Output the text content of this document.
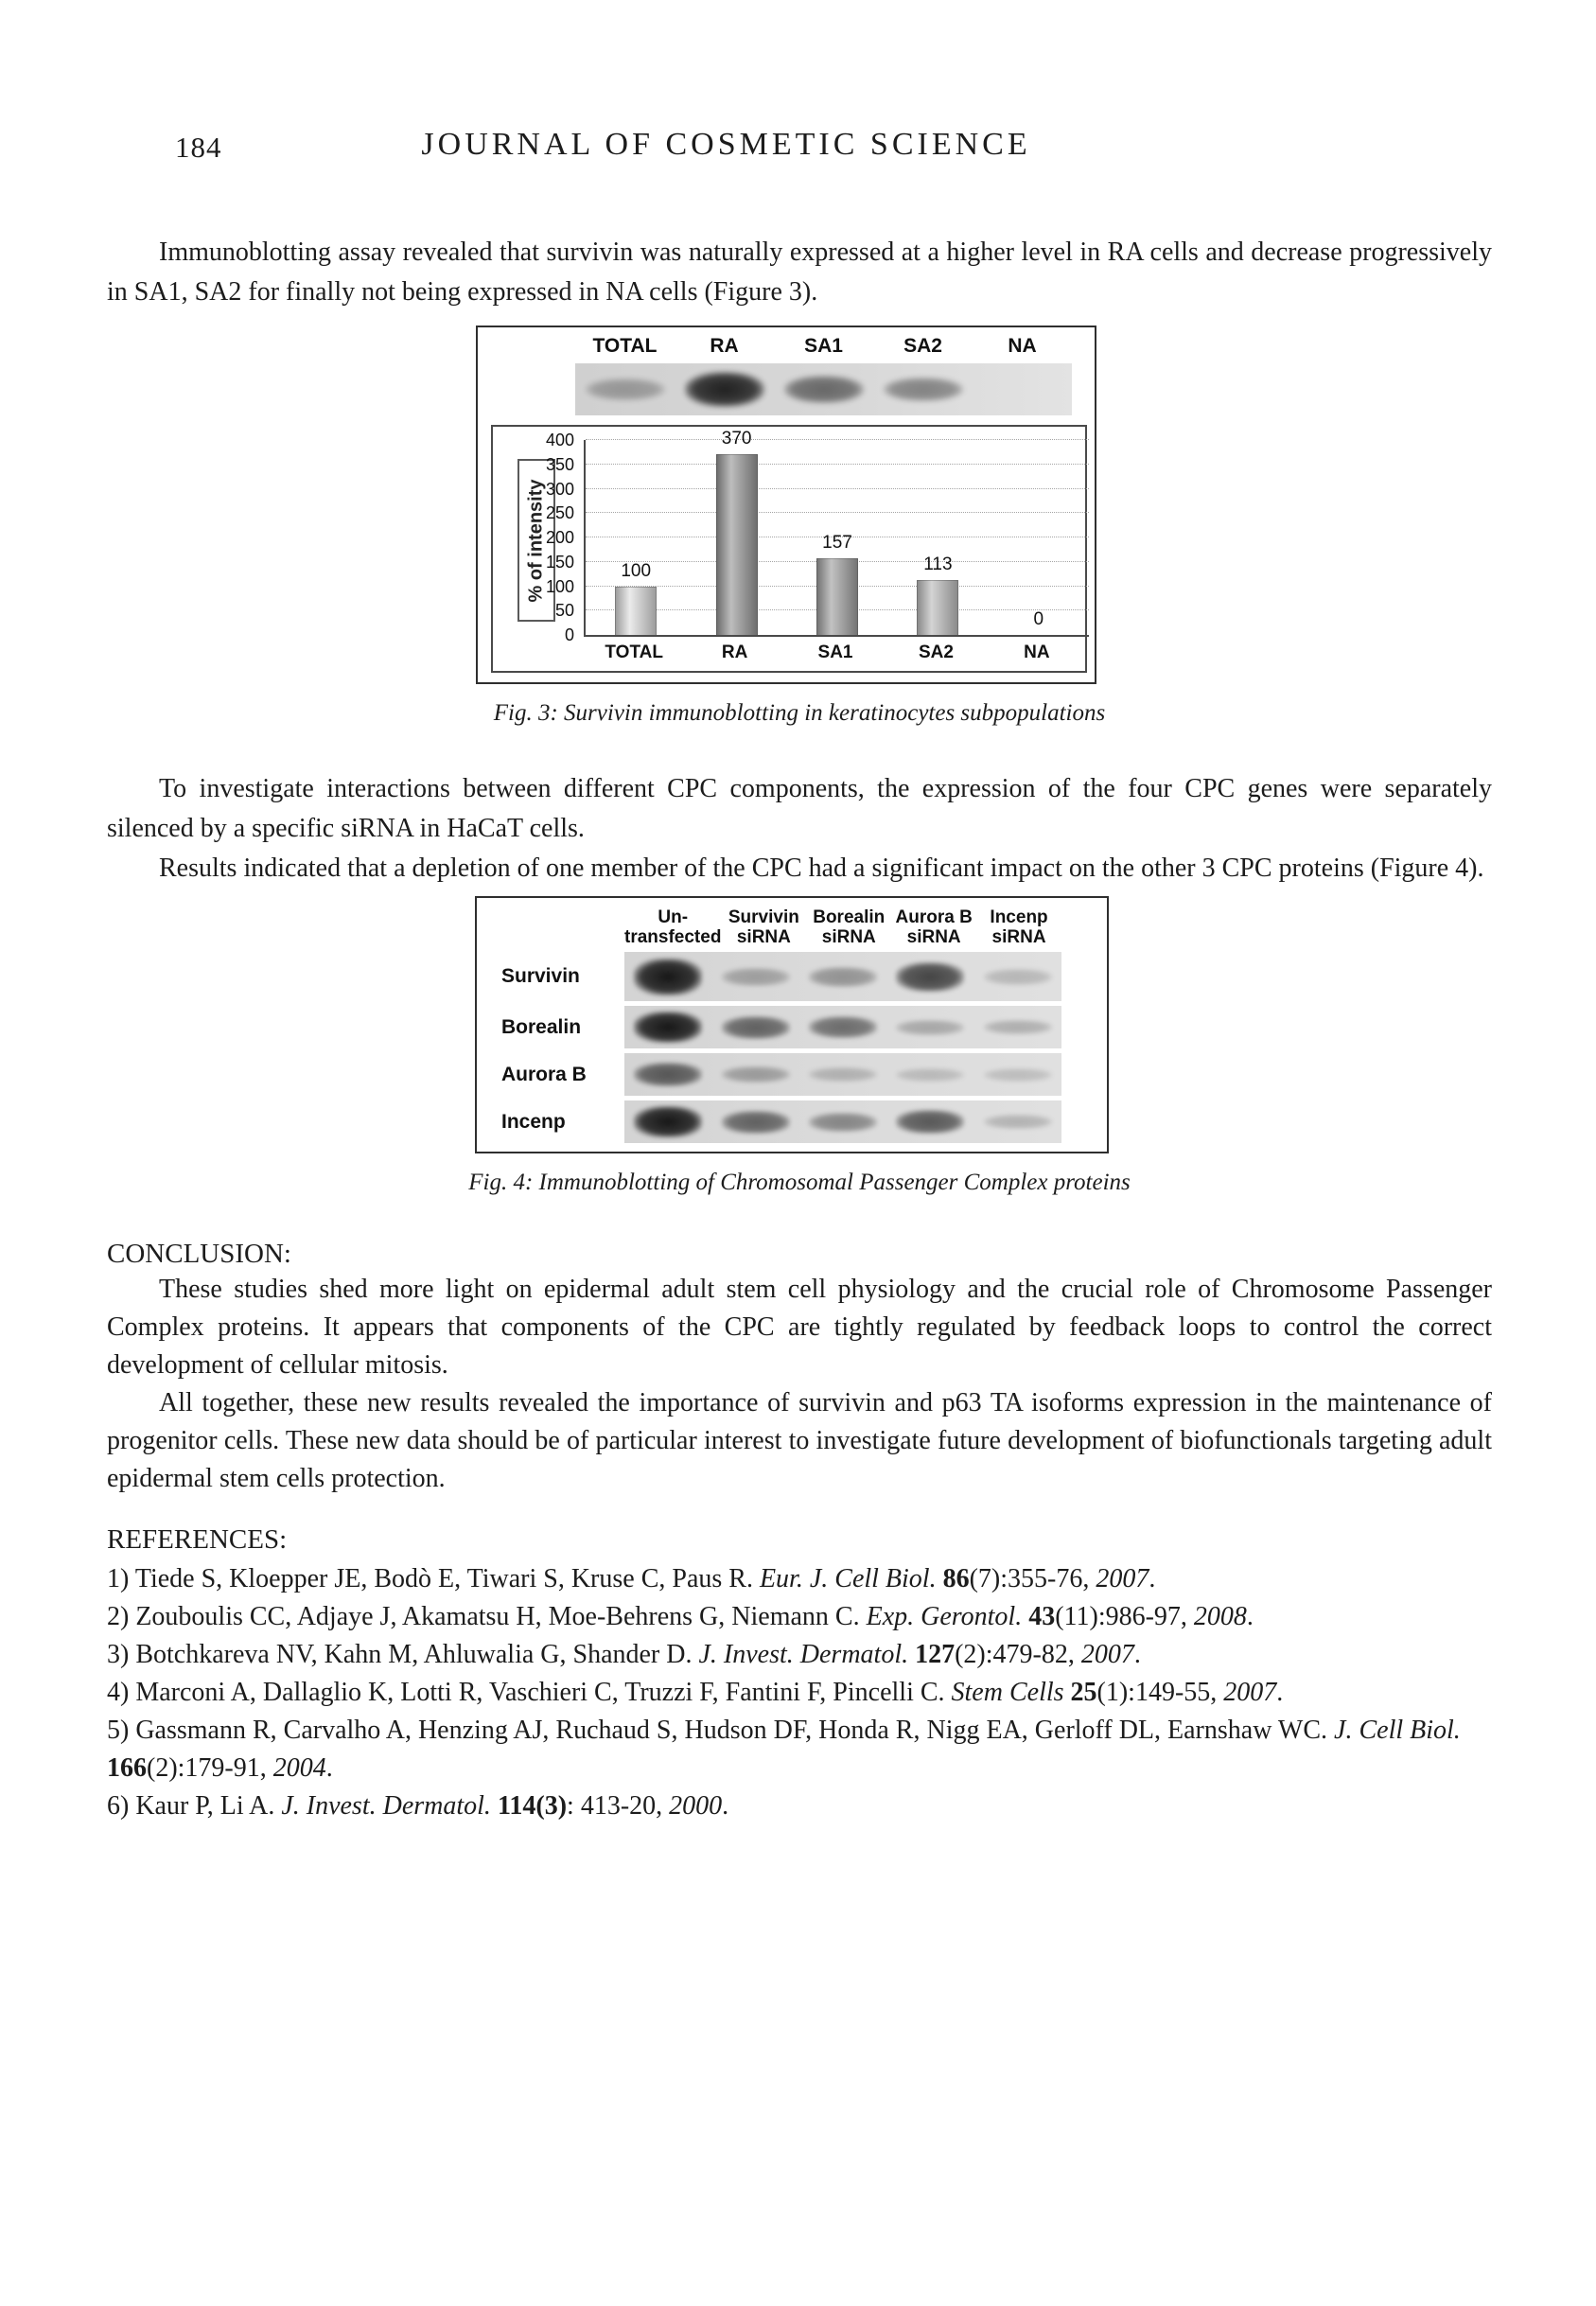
184	JOURNAL OF COSMETIC SCIENCE

Immunoblotting assay revealed that survivin was naturally expressed at a higher level in RA cells and decrease progressively in SA1, SA2 for finally not being expressed in NA cells (Figure 3).

TOTAL	RA	SA1	SA2	NA
% of intensity
0
50
100
150
200
250
300
350
400
100
370
157
113
0
TOTAL	RA	SA1	SA2	NA
Fig. 3: Survivin immunoblotting in keratinocytes subpopulations

To investigate interactions between different CPC components, the expression of the four CPC genes were separately silenced by a specific siRNA in HaCaT cells.

Results indicated that a depletion of one member of the CPC had a significant impact on the other 3 CPC proteins (Figure 4).

Un-
transfected
Survivin
siRNA
Borealin
siRNA
Aurora B
siRNA
Incenp
siRNA
Survivin
Borealin
Aurora B
Incenp
Fig. 4: Immunoblotting of Chromosomal Passenger Complex proteins
CONCLUSION:

These studies shed more light on epidermal adult stem cell physiology and the crucial role of Chromosome Passenger Complex proteins. It appears that components of the CPC are tightly regulated by feedback loops to control the correct development of cellular mitosis.

All together, these new results revealed the importance of survivin and p63 TA isoforms expression in the maintenance of progenitor cells. These new data should be of particular interest to investigate future development of biofunctionals targeting adult epidermal stem cells protection.

REFERENCES:
1) Tiede S, Kloepper JE, Bodò E, Tiwari S, Kruse C, Paus R. Eur. J. Cell Biol. 86(7):355-76, 2007.
2) Zouboulis CC, Adjaye J, Akamatsu H, Moe-Behrens G, Niemann C. Exp. Gerontol. 43(11):986-97, 2008.
3) Botchkareva NV, Kahn M, Ahluwalia G, Shander D. J. Invest. Dermatol. 127(2):479-82, 2007.
4) Marconi A, Dallaglio K, Lotti R, Vaschieri C, Truzzi F, Fantini F, Pincelli C. Stem Cells 25(1):149-55, 2007.
5) Gassmann R, Carvalho A, Henzing AJ, Ruchaud S, Hudson DF, Honda R, Nigg EA, Gerloff DL, Earnshaw WC. J. Cell Biol. 166(2):179-91, 2004.
6) Kaur P, Li A. J. Invest. Dermatol. 114(3): 413-20, 2000.
